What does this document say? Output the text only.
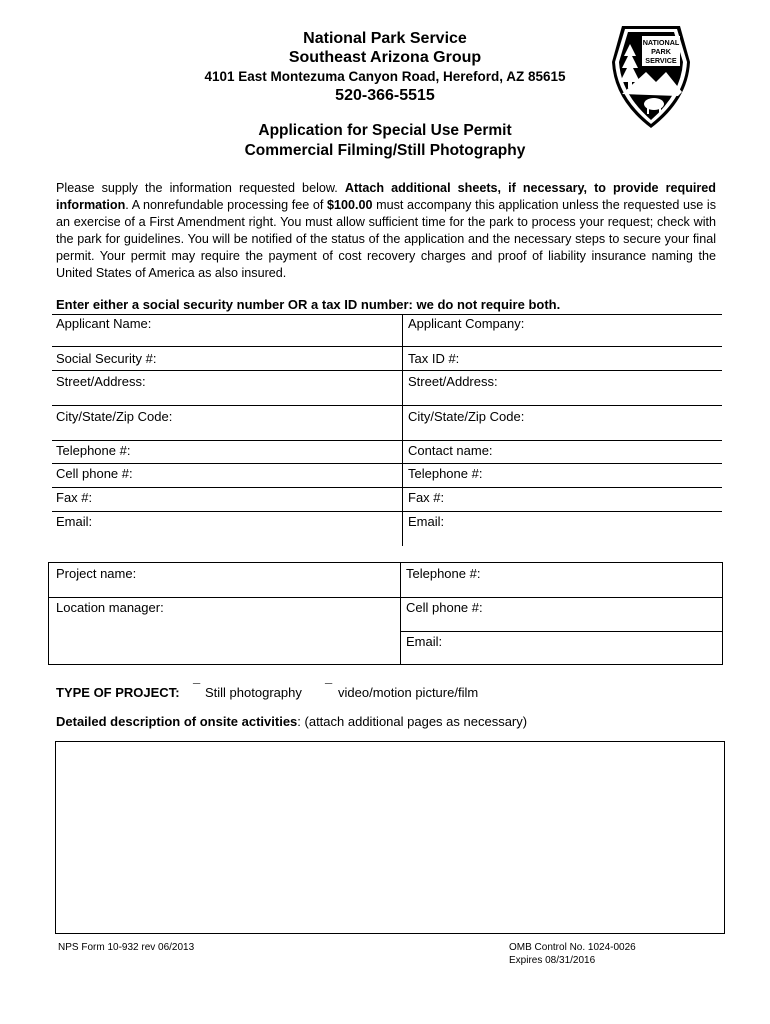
National Park Service
Southeast Arizona Group
4101 East Montezuma Canyon Road, Hereford, AZ 85615
520-366-5515
Application for Special Use Permit
Commercial Filming/Still Photography
NATIONAL
PARK
SERVICE
Please supply the information requested below. Attach additional sheets, if necessary, to provide required information. A nonrefundable processing fee of $100.00 must accompany this application unless the requested use is an exercise of a First Amendment right. You must allow sufficient time for the park to process your request; check with the park for guidelines. You will be notified of the status of the application and the necessary steps to secure your final permit. Your permit may require the payment of cost recovery charges and proof of liability insurance naming the United States of America as also insured.
Enter either a social security number OR a tax ID number: we do not require both.
Applicant Name:	Applicant Company:
Social Security #:	Tax ID #:
Street/Address:	Street/Address:
City/State/Zip Code:	City/State/Zip Code:
Telephone #:	Contact name:
Cell phone #:	Telephone #:
Fax #:	Fax #:
Email:	Email:
Project name:	Telephone #:
Location manager:	Cell phone #:
Email:
TYPE OF PROJECT: ¯ Still photography ¯ video/motion picture/film
Detailed description of onsite activities: (attach additional pages as necessary)
NPS Form 10-932 rev 06/2013	OMB Control No. 1024-0026
Expires 08/31/2016
